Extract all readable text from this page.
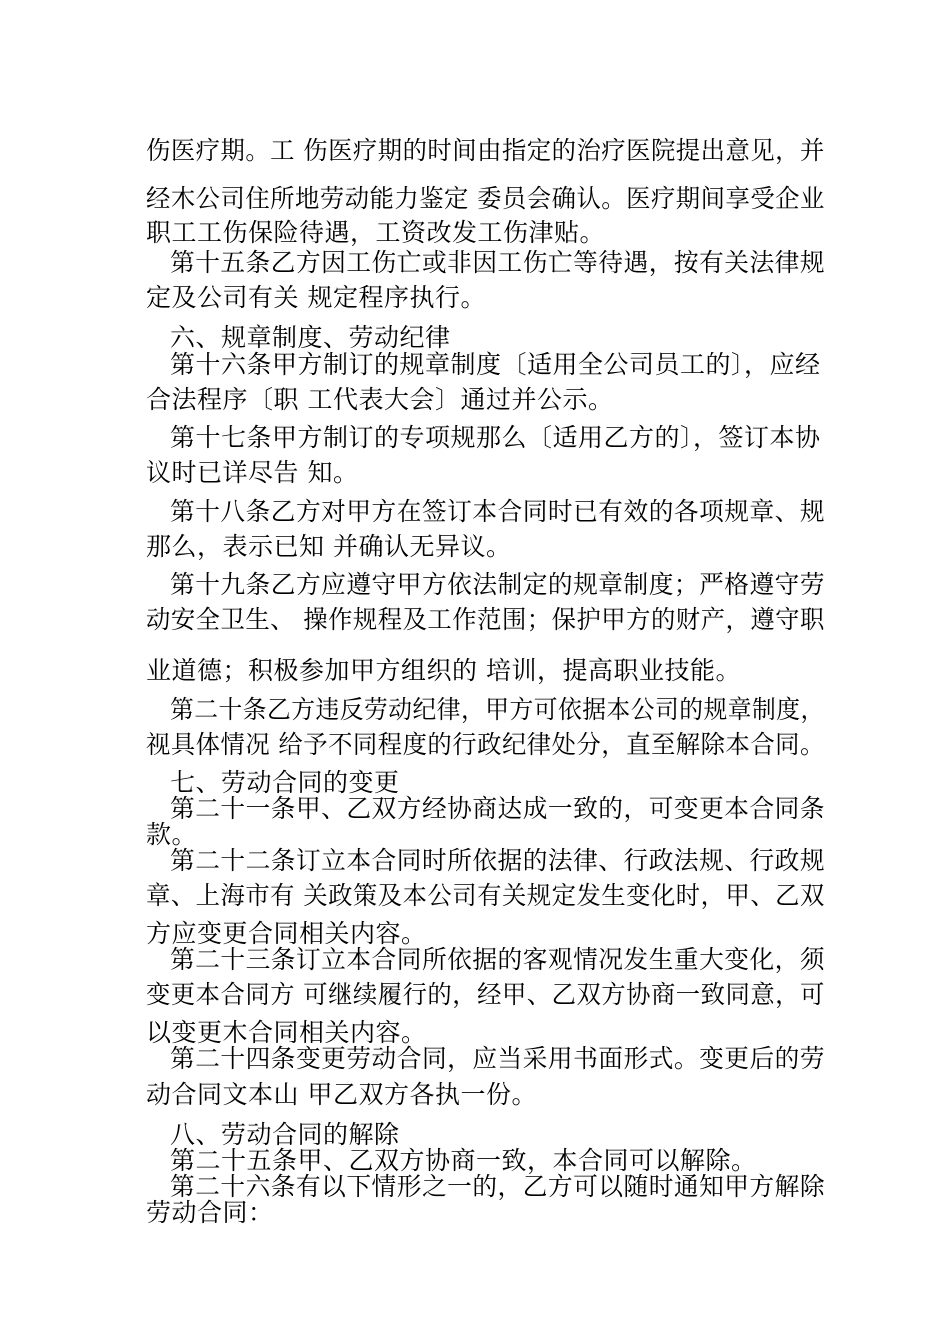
伤医疗期。工 伤医疗期的时间由指定的治疗医院提出意见，并
经木公司住所地劳动能力鉴定 委员会确认。医疗期间享受企业
职工工伤保险待遇，工资改发工伤津贴。
第十五条乙方因工伤亡或非因工伤亡等待遇，按有关法律规
定及公司有关 规定程序执行。
六、规章制度、劳动纪律
第十六条甲方制订的规章制度〔适用全公司员工的〕，应经
合法程序〔职 工代表大会〕通过并公示。
第十七条甲方制订的专项规那么〔适用乙方的〕，签订本协
议时已详尽告 知。
第十八条乙方对甲方在签订本合同时已有效的各项规章、规
那么，表示已知 并确认无异议。
第十九条乙方应遵守甲方依法制定的规章制度；严格遵守劳
动安全卫生、 操作规程及工作范围；保护甲方的财产，遵守职
业道德；积极参加甲方组织的 培训，提高职业技能。
第二十条乙方违反劳动纪律，甲方可依据本公司的规章制度，
视具体情况 给予不同程度的行政纪律处分，直至解除本合同。
七、劳动合同的变更
第二十一条甲、乙双方经协商达成一致的，可变更本合同条
款。
第二十二条订立本合同时所依据的法律、行政法规、行政规
章、上海市有 关政策及本公司有关规定发生变化时，甲、乙双
方应变更合同相关内容。
第二十三条订立本合同所依据的客观情况发生重大变化，须
变更本合同方 可继续履行的，经甲、乙双方协商一致同意，可
以变更木合同相关内容。
第二十四条变更劳动合同，应当采用书面形式。变更后的劳
动合同文本山 甲乙双方各执一份。
八、劳动合同的解除
第二十五条甲、乙双方协商一致，本合同可以解除。
第二十六条有以下情形之一的，乙方可以随时通知甲方解除
劳动合同：
